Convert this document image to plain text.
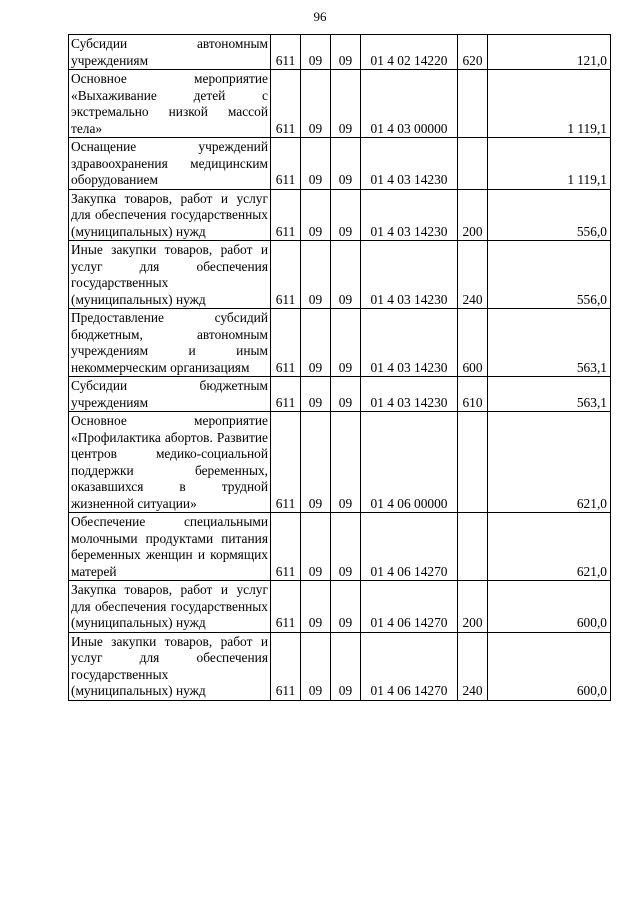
96
Субсидии автономным учреждениям	611	09	09	01 4 02 14220	620	121,0
Основное мероприятие «Выхаживание детей с экстремально низкой массой тела»	611	09	09	01 4 03 00000		1 119,1
Оснащение учреждений здравоохранения медицинским оборудованием	611	09	09	01 4 03 14230		1 119,1
Закупка товаров, работ и услуг для обеспечения государственных (муниципальных) нужд	611	09	09	01 4 03 14230	200	556,0
Иные закупки товаров, работ и услуг для обеспечения государственных (муниципальных) нужд	611	09	09	01 4 03 14230	240	556,0
Предоставление субсидий бюджетным, автономным учреждениям и иным некоммерческим организациям	611	09	09	01 4 03 14230	600	563,1
Субсидии бюджетным учреждениям	611	09	09	01 4 03 14230	610	563,1
Основное мероприятие «Профилактика абортов. Развитие центров медико-социальной поддержки беременных, оказавшихся в трудной жизненной ситуации»	611	09	09	01 4 06 00000		621,0
Обеспечение специальными молочными продуктами питания беременных женщин и кормящих матерей	611	09	09	01 4 06 14270		621,0
Закупка товаров, работ и услуг для обеспечения государственных (муниципальных) нужд	611	09	09	01 4 06 14270	200	600,0
Иные закупки товаров, работ и услуг для обеспечения государственных (муниципальных) нужд	611	09	09	01 4 06 14270	240	600,0
